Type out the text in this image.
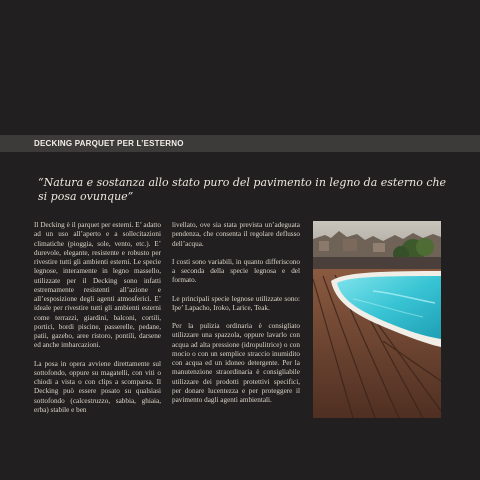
DECKING PARQUET PER L’ESTERNO
“Natura e sostanza allo stato puro del pavimento in legno da esterno che si posa ovunque”

Il Decking è il parquet per esterni. E’ adatto ad un uso all’aperto e a sollecitazioni climatiche (pioggia, sole, vento, etc.). E’ durevole, elegante, resistente e robusto per rivestire tutti gli ambienti esterni. Le specie legnose, interamente in legno massello, utilizzate per il Decking sono infatti estremamente resistenti all’azione e all’esposizione degli agenti atmosferici. E’ ideale per rivestire tutti gli ambienti esterni come terrazzi, giardini, balconi, cortili, portici, bordi piscine, passerelle, pedane, patii, gazebo, aree ristoro, pontili, darsene ed anche imbarcazioni.

La posa in opera avviene direttamente sul sottofondo, oppure su magatelli, con viti o chiodi a vista o con clips a scomparsa. Il Decking può essere posato su qualsiasi sottofondo (calcestruzzo, sabbia, ghiaia, erba) stabile e ben

livellato, ove sia stata prevista un’adeguata pendenza, che consenta il regolare deflusso dell’acqua.

I costi sono variabili, in quanto differiscono a seconda della specie legnosa e del formato.

Le principali specie legnose utilizzate sono: Ipe’ Lapacho, Iroko, Larice, Teak.

Per la pulizia ordinaria è consigliato utilizzare una spazzola, oppure lavarlo con acqua ad alta pressione (idropulitrice) o con mocio o con un semplice straccio inumidito con acqua ed un idoneo detergente. Per la manutenzione straordinaria è consigliabile utilizzare dei prodotti protettivi specifici, per donare lucentezza e per proteggere il pavimento dagli agenti ambientali.
